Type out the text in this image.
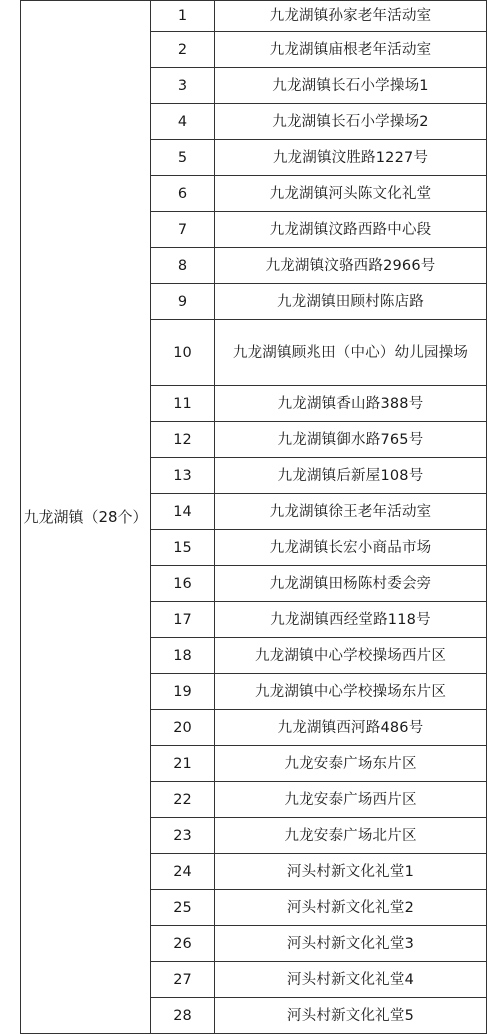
九龙湖镇（28个）	1	九龙湖镇孙家老年活动室
	2	九龙湖镇庙根老年活动室
	3	九龙湖镇长石小学操场1
	4	九龙湖镇长石小学操场2
	5	九龙湖镇汶胜路1227号
	6	九龙湖镇河头陈文化礼堂
	7	九龙湖镇汶路西路中心段
	8	九龙湖镇汶骆西路2966号
	9	九龙湖镇田顾村陈店路
	10	九龙湖镇顾兆田（中心）幼儿园操场
	11	九龙湖镇香山路388号
	12	九龙湖镇御水路765号
	13	九龙湖镇后新屋108号
	14	九龙湖镇徐王老年活动室
	15	九龙湖镇长宏小商品市场
	16	九龙湖镇田杨陈村委会旁
	17	九龙湖镇西经堂路118号
	18	九龙湖镇中心学校操场西片区
	19	九龙湖镇中心学校操场东片区
	20	九龙湖镇西河路486号
	21	九龙安泰广场东片区
	22	九龙安泰广场西片区
	23	九龙安泰广场北片区
	24	河头村新文化礼堂1
	25	河头村新文化礼堂2
	26	河头村新文化礼堂3
	27	河头村新文化礼堂4
	28	河头村新文化礼堂5
